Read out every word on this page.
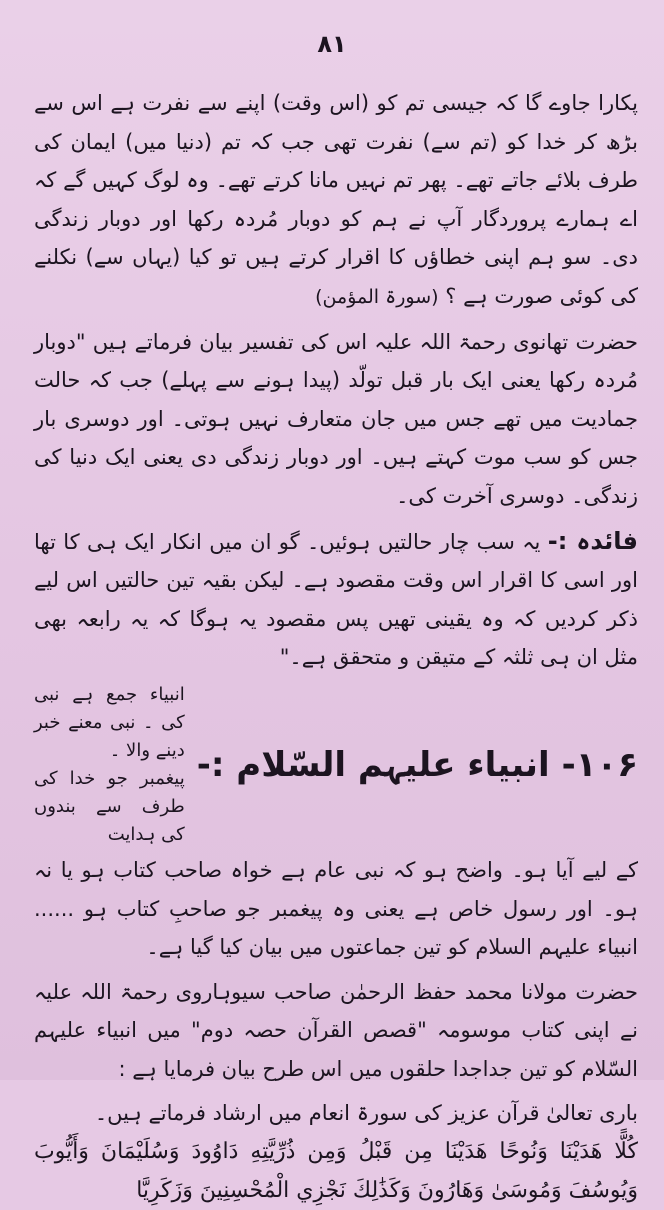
٨١

پکارا جاوے گا کہ جیسی تم کو (اس وقت) اپنے سے نفرت ہے اس سے بڑھ کر خدا کو (تم سے) نفرت تھی جب کہ تم (دنیا میں) ایمان کی طرف بلائے جاتے تھے۔ پھر تم نہیں مانا کرتے تھے۔ وہ لوگ کہیں گے کہ اے ہمارے پروردگار آپ نے ہم کو دوبار مُردہ رکھا اور دوبار زندگی دی۔ سو ہم اپنی خطاؤں کا اقرار کرتے ہیں تو کیا (یہاں سے) نکلنے کی کوئی صورت ہے ؟ (سورۃ المؤمن)

حضرت تھانوی رحمۃ اللہ علیہ اس کی تفسیر بیان فرماتے ہیں "دوبار مُردہ رکھا یعنی ایک بار قبل تولّد (پیدا ہونے سے پہلے) جب کہ حالت جمادیت میں تھے جس میں جان متعارف نہیں ہوتی۔ اور دوسری بار جس کو سب موت کہتے ہیں۔ اور دوبار زندگی دی یعنی ایک دنیا کی زندگی۔ دوسری آخرت کی۔

فائدہ :- یہ سب چار حالتیں ہوئیں۔ گو ان میں انکار ایک ہی کا تھا اور اسی کا اقرار اس وقت مقصود ہے۔ لیکن بقیہ تین حالتیں اس لیے ذکر کردیں کہ وہ یقینی تھیں پس مقصود یہ ہوگا کہ یہ رابعہ بھی مثل ان ہی ثلثہ کے متیقن و متحقق ہے۔"

۱۰۶-
انبیاء علیہم السّلام :-
انبیاء جمع ہے نبی کی ۔ نبی معنے خبر دینے والا ۔
پیغمبر جو خدا کی طرف سے بندوں کی ہدایت

کے لیے آیا ہو۔ واضح ہو کہ نبی عام ہے خواہ صاحب کتاب ہو یا نہ ہو۔ اور رسول خاص ہے یعنی وہ پیغمبر جو صاحبِ کتاب ہو ...... انبیاء علیہم السلام کو تین جماعتوں میں بیان کیا گیا ہے۔

حضرت مولانا محمد حفظ الرحمٰن صاحب سیوہاروی رحمۃ اللہ علیہ نے اپنی کتاب موسومہ "قصص القرآن حصہ دوم" میں انبیاء علیہم السّلام کو تین جداجدا حلقوں میں اس طرح بیان فرمایا ہے :

باری تعالیٰ قرآن عزیز کی سورۃ انعام میں ارشاد فرماتے ہیں۔

كُلًّا هَدَيْنَا وَنُوحًا هَدَيْنَا مِن قَبْلُ وَمِن ذُرِّيَّتِهِ دَاوُودَ وَسُلَيْمَانَ وَأَيُّوبَ وَيُوسُفَ وَمُوسَىٰ وَهَارُونَ وَكَذَٰلِكَ نَجْزِي الْمُحْسِنِينَ وَزَكَرِيَّا
